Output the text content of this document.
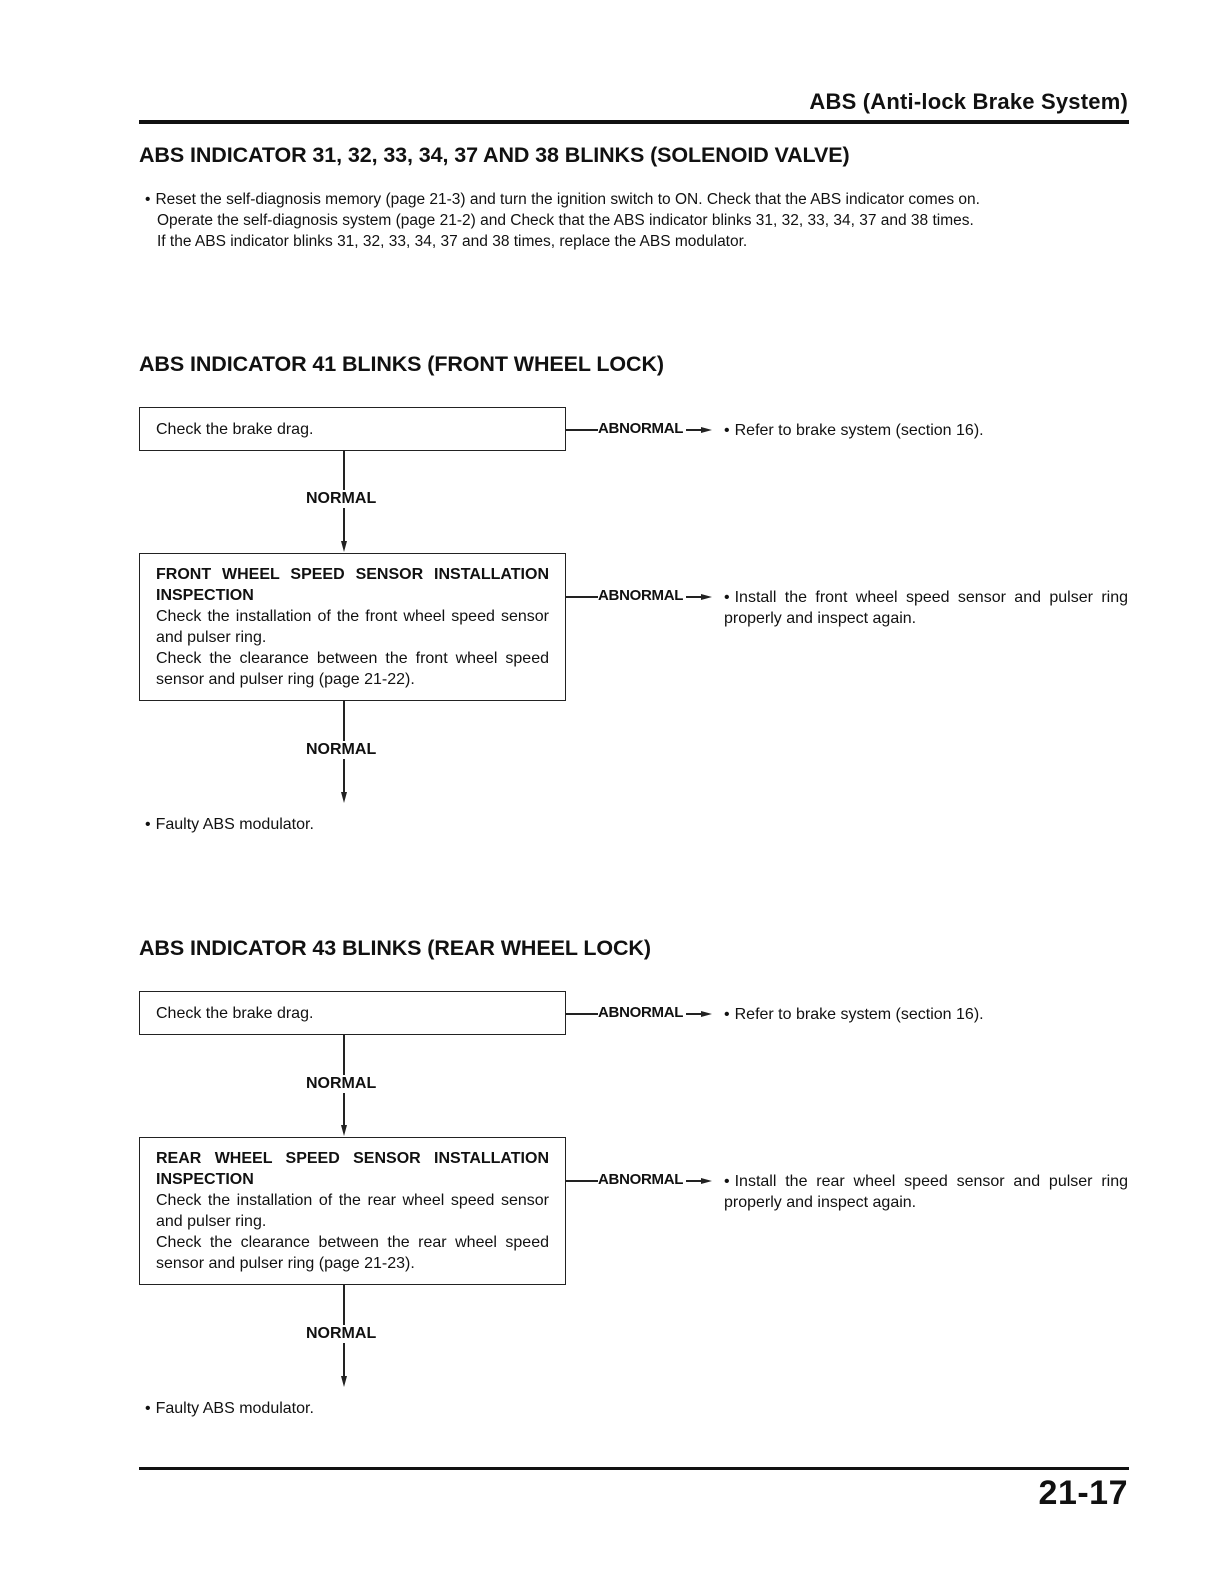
ABS (Anti-lock Brake System)
ABS INDICATOR 31, 32, 33, 34, 37 AND 38 BLINKS (SOLENOID VALVE)
• Reset the self-diagnosis memory (page 21-3) and turn the ignition switch to ON. Check that the ABS indicator comes on.
Operate the self-diagnosis system (page 21-2) and Check that the ABS indicator blinks 31, 32, 33, 34, 37 and 38 times.
If the ABS indicator blinks 31, 32, 33, 34, 37 and 38 times, replace the ABS modulator.
ABS INDICATOR 41 BLINKS (FRONT WHEEL LOCK)
Check the brake drag.	ABNORMAL	• Refer to brake system (section 16).
NORMAL
FRONT WHEEL SPEED SENSOR INSTALLATION INSPECTION
Check the installation of the front wheel speed sensor and pulser ring.
Check the clearance between the front wheel speed sensor and pulser ring (page 21-22).
ABNORMAL	• Install the front wheel speed sensor and pulser ring properly and inspect again.
NORMAL
• Faulty ABS modulator.
ABS INDICATOR 43 BLINKS (REAR WHEEL LOCK)
Check the brake drag.	ABNORMAL	• Refer to brake system (section 16).
NORMAL
REAR WHEEL SPEED SENSOR INSTALLATION INSPECTION
Check the installation of the rear wheel speed sensor and pulser ring.
Check the clearance between the rear wheel speed sensor and pulser ring (page 21-23).
ABNORMAL	• Install the rear wheel speed sensor and pulser ring properly and inspect again.
NORMAL
• Faulty ABS modulator.
21-17
